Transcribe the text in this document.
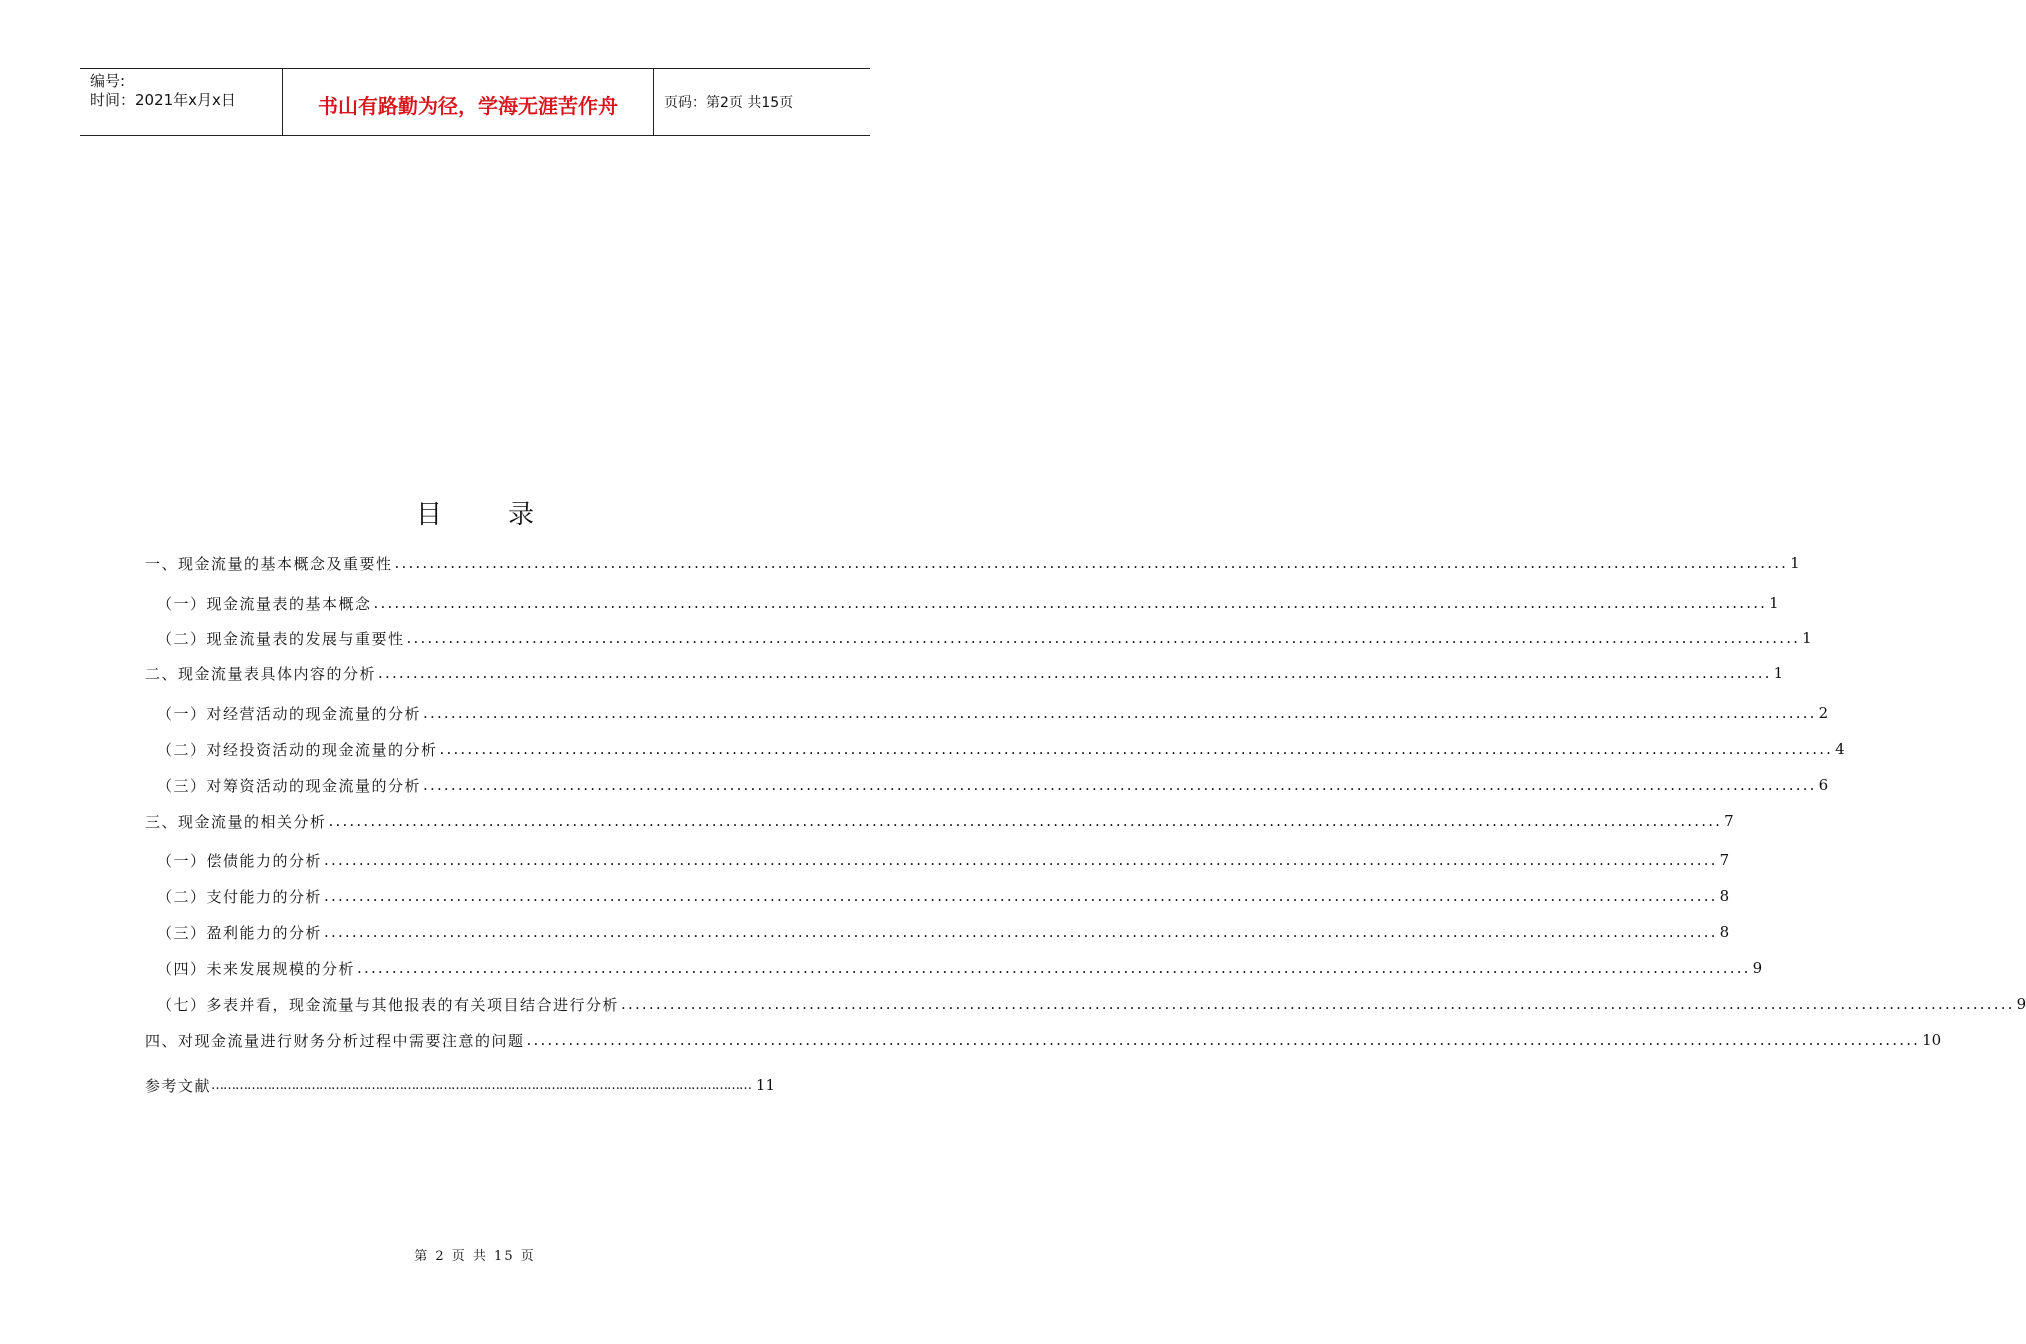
编号:
时间：2021年x月x日	书山有路勤为径，学海无涯苦作舟	页码：第2页 共15页
目	录
参考文献 ……………………………………………………………………………………………………………………… 11
一、现金流量的基本概念及重要性 ........................................................................................................................................................................................................ 1
（一）现金流量表的基本概念 ........................................................................................................................................................................................................ 1
（二）现金流量表的发展与重要性 ........................................................................................................................................................................................................ 1
二、现金流量表具体内容的分析 ........................................................................................................................................................................................................ 1
（一）对经营活动的现金流量的分析 ........................................................................................................................................................................................................ 2
（二）对经投资活动的现金流量的分析 ........................................................................................................................................................................................................ 4
（三）对筹资活动的现金流量的分析 ........................................................................................................................................................................................................ 6
三、现金流量的相关分析 ........................................................................................................................................................................................................ 7
（一）偿债能力的分析 ........................................................................................................................................................................................................ 7
（二）支付能力的分析 ........................................................................................................................................................................................................ 8
（三）盈利能力的分析 ........................................................................................................................................................................................................ 8
（四）未来发展规模的分析 ........................................................................................................................................................................................................ 9
（七）多表并看，现金流量与其他报表的有关项目结合进行分析 ........................................................................................................................................................................................................ 9
四、对现金流量进行财务分析过程中需要注意的问题 ........................................................................................................................................................................................................ 10
第 2 页 共 15 页
